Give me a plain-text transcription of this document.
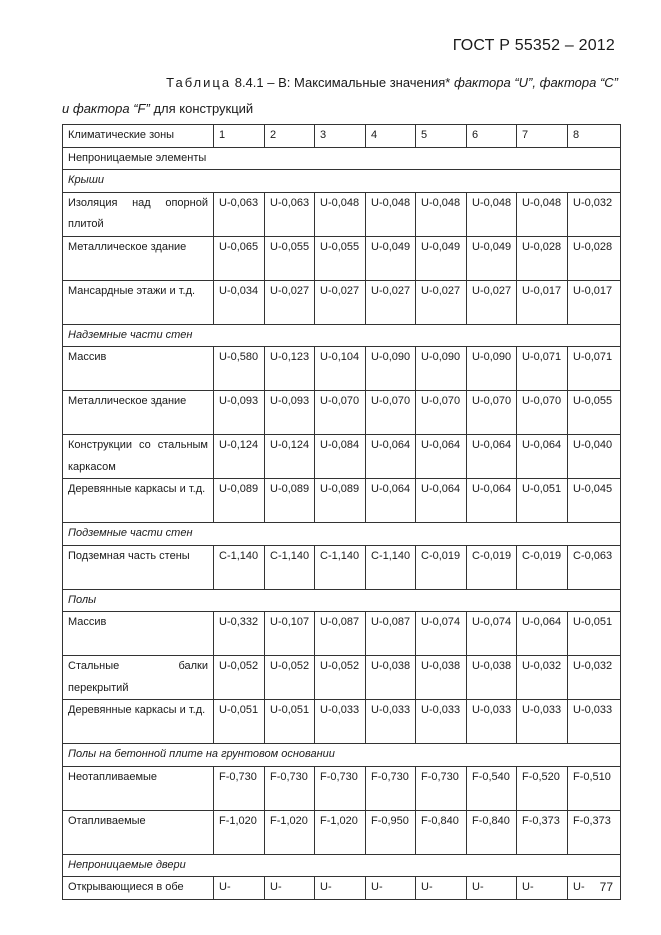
ГОСТ Р 55352 – 2012
Таблица 8.4.1 – В: Максимальные значения* фактора “U”, фактора “C”
и фактора “F” для конструкций
Климатические зоны	1	2	3	4	5	6	7	8
Непроницаемые элементы								
Крыши								
Изоляция над опорной плитой	U-0,063	U-0,063	U-0,048	U-0,048	U-0,048	U-0,048	U-0,048	U-0,032
Металлическое здание	U-0,065	U-0,055	U-0,055	U-0,049	U-0,049	U-0,049	U-0,028	U-0,028
Мансардные этажи и т.д.	U-0,034	U-0,027	U-0,027	U-0,027	U-0,027	U-0,027	U-0,017	U-0,017
Надземные части стен								
Массив	U-0,580	U-0,123	U-0,104	U-0,090	U-0,090	U-0,090	U-0,071	U-0,071
Металлическое здание	U-0,093	U-0,093	U-0,070	U-0,070	U-0,070	U-0,070	U-0,070	U-0,055
Конструкции со стальным каркасом	U-0,124	U-0,124	U-0,084	U-0,064	U-0,064	U-0,064	U-0,064	U-0,040
Деревянные каркасы и т.д.	U-0,089	U-0,089	U-0,089	U-0,064	U-0,064	U-0,064	U-0,051	U-0,045
Подземные части стен								
Подземная часть стены	C-1,140	C-1,140	C-1,140	C-1,140	C-0,019	C-0,019	C-0,019	C-0,063
Полы								
Массив	U-0,332	U-0,107	U-0,087	U-0,087	U-0,074	U-0,074	U-0,064	U-0,051
Стальные балки перекрытий	U-0,052	U-0,052	U-0,052	U-0,038	U-0,038	U-0,038	U-0,032	U-0,032
Деревянные каркасы и т.д.	U-0,051	U-0,051	U-0,033	U-0,033	U-0,033	U-0,033	U-0,033	U-0,033
Полы на бетонной плите на грунтовом основании								
Неотапливаемые	F-0,730	F-0,730	F-0,730	F-0,730	F-0,730	F-0,540	F-0,520	F-0,510
Отапливаемые	F-1,020	F-1,020	F-1,020	F-0,950	F-0,840	F-0,840	F-0,373	F-0,373
Непроницаемые двери								
Открывающиеся в обе	U-	U-	U-	U-	U-	U-	U-	U- 77
